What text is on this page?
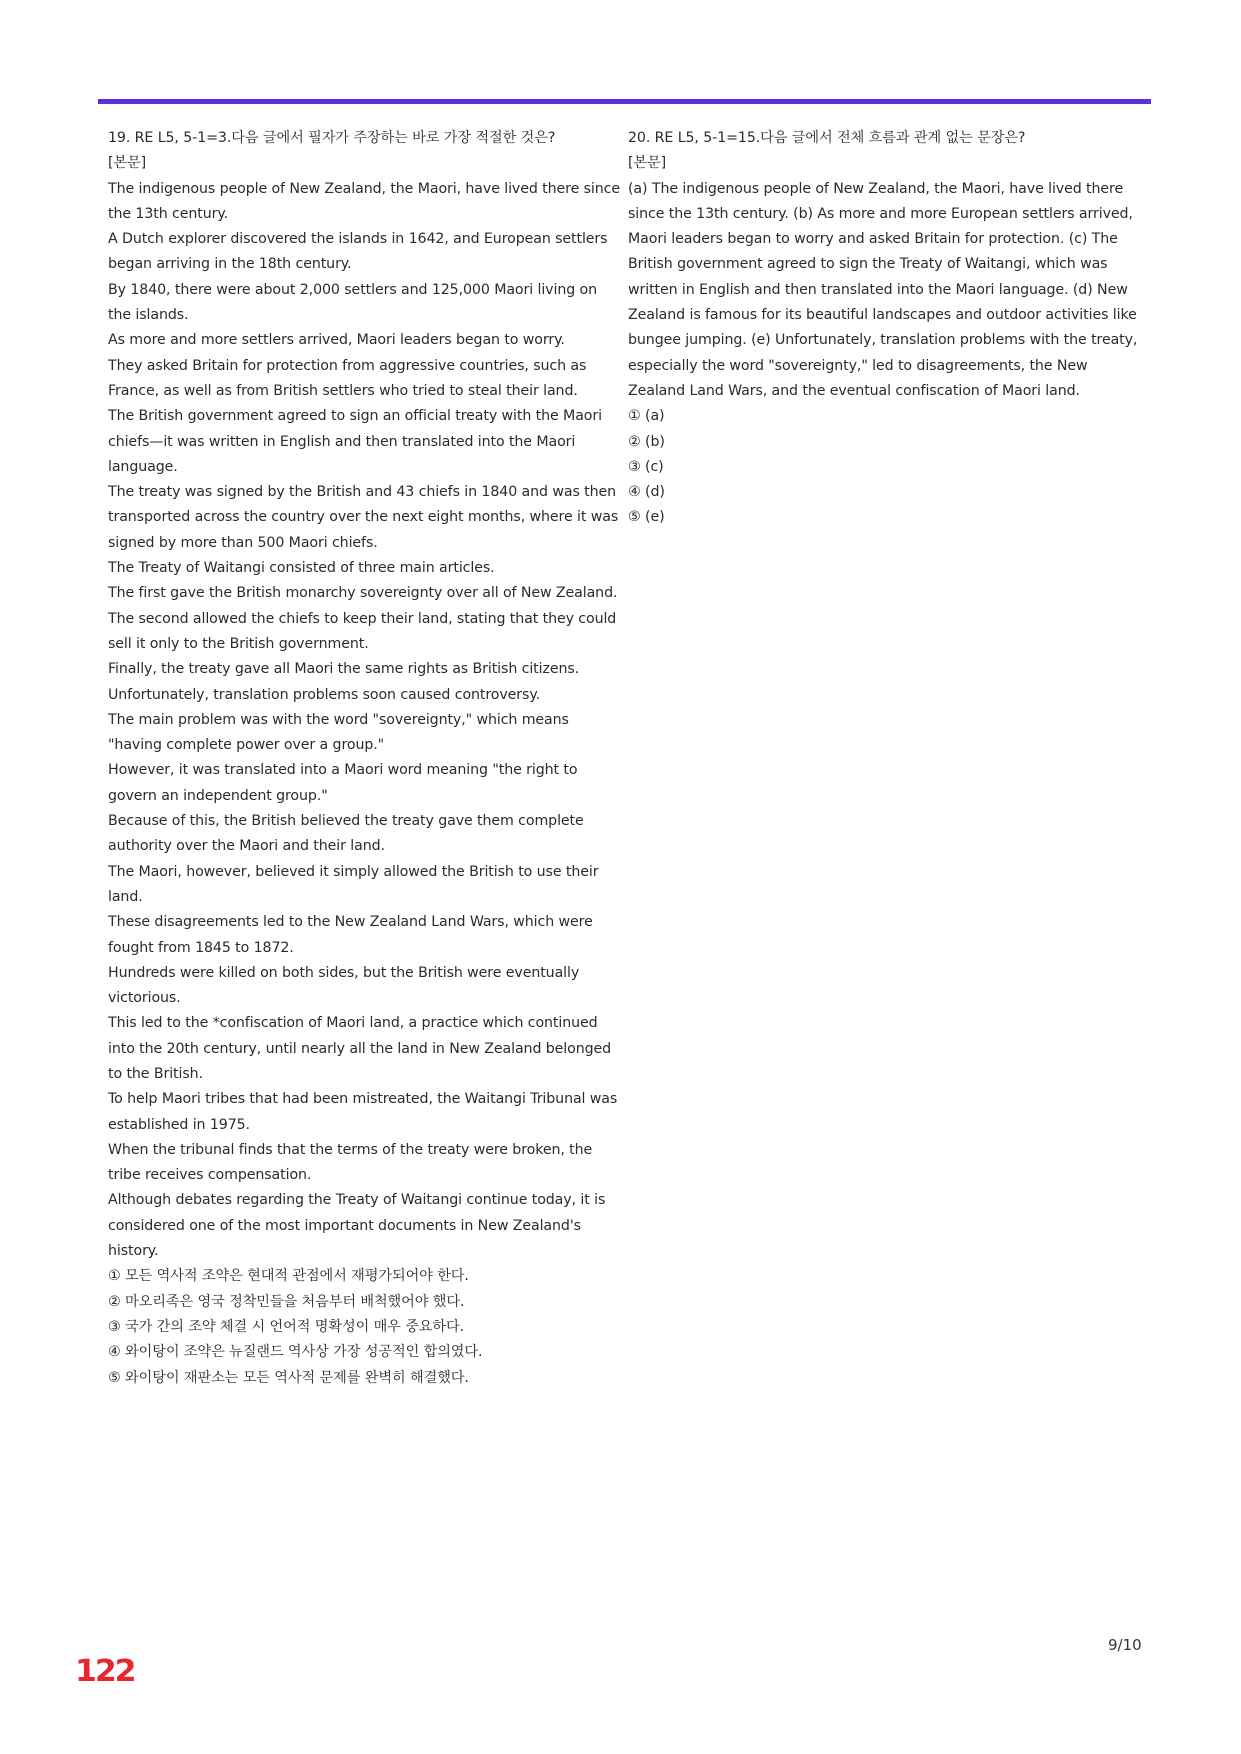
19. RE L5, 5-1=3.다음 글에서 필자가 주장하는 바로 가장 적절한 것은?
[본문]
The indigenous people of New Zealand, the Maori, have lived there since the 13th century.
A Dutch explorer discovered the islands in 1642, and European settlers began arriving in the 18th century.
By 1840, there were about 2,000 settlers and 125,000 Maori living on the islands.
As more and more settlers arrived, Maori leaders began to worry.
They asked Britain for protection from aggressive countries, such as France, as well as from British settlers who tried to steal their land.
The British government agreed to sign an official treaty with the Maori chiefs—it was written in English and then translated into the Maori language.
The treaty was signed by the British and 43 chiefs in 1840 and was then transported across the country over the next eight months, where it was signed by more than 500 Maori chiefs.
The Treaty of Waitangi consisted of three main articles.
The first gave the British monarchy sovereignty over all of New Zealand.
The second allowed the chiefs to keep their land, stating that they could sell it only to the British government.
Finally, the treaty gave all Maori the same rights as British citizens.
Unfortunately, translation problems soon caused controversy.
The main problem was with the word "sovereignty," which means "having complete power over a group."
However, it was translated into a Maori word meaning "the right to govern an independent group."
Because of this, the British believed the treaty gave them complete authority over the Maori and their land.
The Maori, however, believed it simply allowed the British to use their land.
These disagreements led to the New Zealand Land Wars, which were fought from 1845 to 1872.
Hundreds were killed on both sides, but the British were eventually victorious.
This led to the *confiscation of Maori land, a practice which continued into the 20th century, until nearly all the land in New Zealand belonged to the British.
To help Maori tribes that had been mistreated, the Waitangi Tribunal was established in 1975.
When the tribunal finds that the terms of the treaty were broken, the tribe receives compensation.
Although debates regarding the Treaty of Waitangi continue today, it is considered one of the most important documents in New Zealand's history.
① 모든 역사적 조약은 현대적 관점에서 재평가되어야 한다.
② 마오리족은 영국 정착민들을 처음부터 배척했어야 했다.
③ 국가 간의 조약 체결 시 언어적 명확성이 매우 중요하다.
④ 와이탕이 조약은 뉴질랜드 역사상 가장 성공적인 합의였다.
⑤ 와이탕이 재판소는 모든 역사적 문제를 완벽히 해결했다.
20. RE L5, 5-1=15.다음 글에서 전체 흐름과 관계 없는 문장은?
[본문]
(a) The indigenous people of New Zealand, the Maori, have lived there since the 13th century. (b) As more and more European settlers arrived, Maori leaders began to worry and asked Britain for protection. (c) The British government agreed to sign the Treaty of Waitangi, which was written in English and then translated into the Maori language. (d) New Zealand is famous for its beautiful landscapes and outdoor activities like bungee jumping. (e) Unfortunately, translation problems with the treaty, especially the word "sovereignty," led to disagreements, the New Zealand Land Wars, and the eventual confiscation of Maori land.
① (a)
② (b)
③ (c)
④ (d)
⑤ (e)
9/10
122
